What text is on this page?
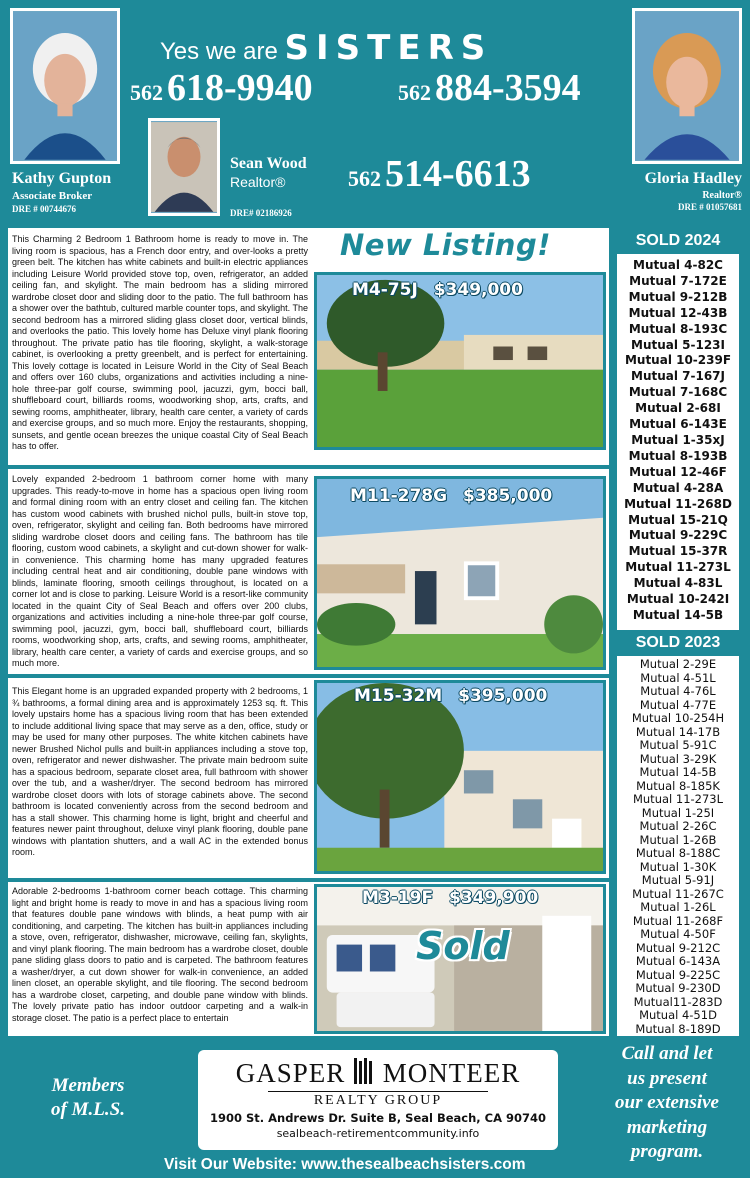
Kathy Gupton
Associate Broker
DRE # 00744676
Yes we are SISTERS
562 618-9940	562 884-3594
Sean Wood
Realtor®
DRE# 02186926
562 514-6613	Gloria Hadley
Realtor®
DRE # 01057681
New Listing!
This Charming 2 Bedroom 1 Bathroom home is ready to move in. The living room is spacious, has a French door entry, and over-looks a pretty green belt. The kitchen has white cabinets and built-in electric appliances including Leisure World provided stove top, oven, refrigerator, an added ceiling fan, and skylight. The main bedroom has a sliding mirrored wardrobe closet door and sliding door to the patio. The full bathroom has a shower over the bathtub, cultured marble counter tops, and skylight. The second bedroom has a mirrored sliding glass closet door, vertical blinds, and overlooks the patio. This lovely home has Deluxe vinyl plank flooring throughout. The private patio has tile flooring, skylight, a walk-storage cabinet, is overlooking a pretty greenbelt, and is perfect for entertaining. This lovely cottage is located in Leisure World in the City of Seal Beach and offers over 160 clubs, organizations and activities including a nine-hole three-par golf course, swimming pool, jacuzzi, gym, bocci ball, shuffleboard court, billiards rooms, woodworking shop, arts, crafts, and sewing rooms, amphitheater, library, health care center, a variety of cards and exercise groups, and so much more. Enjoy the restaurants, shopping, sunsets, and gentle ocean breezes the unique coastal City of Seal Beach has to offer.
M4-75J $349,000
Lovely expanded 2-bedroom 1 bathroom corner home with many upgrades. This ready-to-move in home has a spacious open living room and formal dining room with an entry closet and ceiling fan. The kitchen has custom wood cabinets with brushed nichol pulls, built-in stove top, oven, refrigerator, skylight and ceiling fan. Both bedrooms have mirrored sliding wardrobe closet doors and ceiling fans. The bathroom has tile flooring, custom wood cabinets, a skylight and cut-down shower for walk-in convenience. This charming home has many upgraded features including central heat and air conditioning, double pane windows with blinds, laminate flooring, smooth ceilings throughout, is located on a corner lot and is close to parking. Leisure World is a resort-like community located in the quaint City of Seal Beach and offers over 200 clubs, organizations and activities including a nine-hole three-par golf course, swimming pool, jacuzzi, gym, bocci ball, shuffleboard court, billiards rooms, woodworking shop, arts, crafts, and sewing rooms, amphitheater, library, health care center, a variety of cards and exercise groups, and so much more.
M11-278G $385,000
This Elegant home is an upgraded expanded property with 2 bedrooms, 1 ¾ bathrooms, a formal dining area and is approximately 1253 sq. ft. This lovely upstairs home has a spacious living room that has been extended to include additional living space that may serve as a den, office, study or may be used for many other purposes. The white kitchen cabinets have newer Brushed Nichol pulls and built-in appliances including a stove top, oven, refrigerator and newer dishwasher. The private main bedroom suite has a spacious bedroom, separate closet area, full bathroom with shower over the tub, and a washer/dryer. The second bedroom has mirrored wardrobe closet doors with lots of storage cabinets above. The second bathroom is located conveniently across from the second bedroom and has a stall shower. This charming home is light, bright and cheerful and features newer paint throughout, deluxe vinyl plank flooring, double pane windows with plantation shutters, and a wall AC in the extended bonus room.
M15-32M $395,000
Adorable 2-bedrooms 1-bathroom corner beach cottage. This charming light and bright home is ready to move in and has a spacious living room that features double pane windows with blinds, a heat pump with air conditioning, and carpeting. The kitchen has built-in appliances including a stove, oven, refrigerator, dishwasher, microwave, ceiling fan, skylights, and vinyl plank flooring. The main bedroom has a wardrobe closet, double pane sliding glass doors to patio and is carpeted. The bathroom features a washer/dryer, a cut down shower for walk-in convenience, an added linen closet, an operable skylight, and tile flooring. The second bedroom has a wardrobe closet, carpeting, and double pane window with blinds. The lovely private patio has indoor outdoor carpeting and a walk-in storage closet. The patio is a perfect place to entertain
M3-19F $349,900
Sold
SOLD 2024
Mutual 4-82C
Mutual 7-172E
Mutual 9-212B
Mutual 12-43B
Mutual 8-193C
Mutual 5-123I
Mutual 10-239F
Mutual 7-167J
Mutual 7-168C
Mutual 2-68I
Mutual 6-143E
Mutual 1-35xJ
Mutual 8-193B
Mutual 12-46F
Mutual 4-28A
Mutual 11-268D
Mutual 15-21Q
Mutual 9-229C
Mutual 15-37R
Mutual 11-273L
Mutual 4-83L
Mutual 10-242I
Mutual 14-5B
SOLD 2023
Mutual 2-29E
Mutual 4-51L
Mutual 4-76L
Mutual 4-77E
Mutual 10-254H
Mutual 14-17B
Mutual 5-91C
Mutual 3-29K
Mutual 14-5B
Mutual 8-185K
Mutual 11-273L
Mutual 1-25I
Mutual 2-26C
Mutual 1-26B
Mutual 8-188C
Mutual 1-30K
Mutual 5-91J
Mutual 11-267C
Mutual 1-26L
Mutual 11-268F
Mutual 4-50F
Mutual 9-212C
Mutual 6-143A
Mutual 9-225C
Mutual 9-230D
Mutual11-283D
Mutual 4-51D
Mutual 8-189D
Members
of M.L.S.
GASPER MONTEER
REALTY GROUP
1900 St. Andrews Dr. Suite B, Seal Beach, CA 90740
sealbeach-retirementcommunity.info
Call and let
us present
our extensive
marketing
program.
Visit Our Website: www.thesealbeachsisters.com
